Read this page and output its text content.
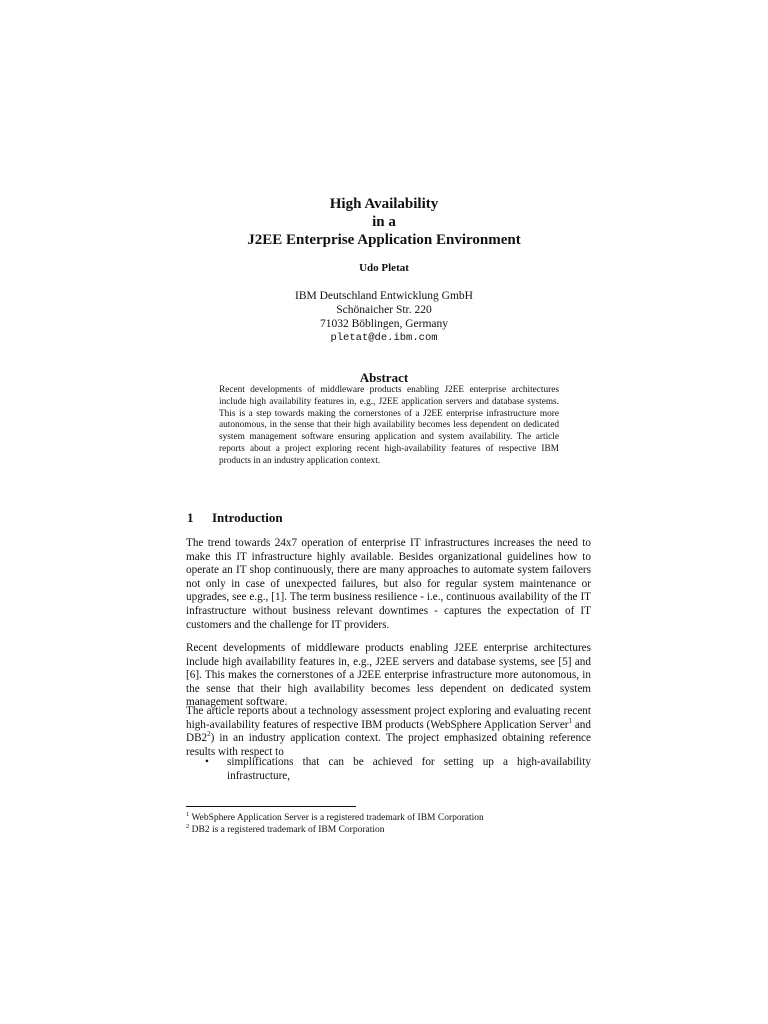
High Availability
in a
J2EE Enterprise Application Environment
Udo Pletat
IBM Deutschland Entwicklung GmbH
Schönaicher Str. 220
71032 Böblingen, Germany
pletat@de.ibm.com
Abstract
Recent developments of middleware products enabling J2EE enterprise architectures include high availability features in, e.g., J2EE application servers and database systems. This is a step towards making the cornerstones of a J2EE enterprise infrastructure more autonomous, in the sense that their high availability becomes less dependent on dedicated system management software ensuring application and system availability. The article reports about a project exploring recent high-availability features of respective IBM products in an industry application context.
1 Introduction
The trend towards 24x7 operation of enterprise IT infrastructures increases the need to make this IT infrastructure highly available. Besides organizational guidelines how to operate an IT shop continuously, there are many approaches to automate system failovers not only in case of unexpected failures, but also for regular system maintenance or upgrades, see e.g., [1]. The term business resilience - i.e., continuous availability of the IT infrastructure without business relevant downtimes - captures the expectation of IT customers and the challenge for IT providers.
Recent developments of middleware products enabling J2EE enterprise architectures include high availability features in, e.g., J2EE servers and database systems, see [5] and [6]. This makes the cornerstones of a J2EE enterprise infrastructure more autonomous, in the sense that their high availability becomes less dependent on dedicated system management software.
The article reports about a technology assessment project exploring and evaluating recent high-availability features of respective IBM products (WebSphere Application Server$^1$ and $DB2^2$) in an industry application context. The project emphasized obtaining reference results with respect to
• simplifications that can be achieved for setting up a high-availability infrastructure,
$^1$ WebSphere Application Server is a registered trademark of IBM Corporation
$^2$ DB2 is a registered trademark of IBM Corporation
